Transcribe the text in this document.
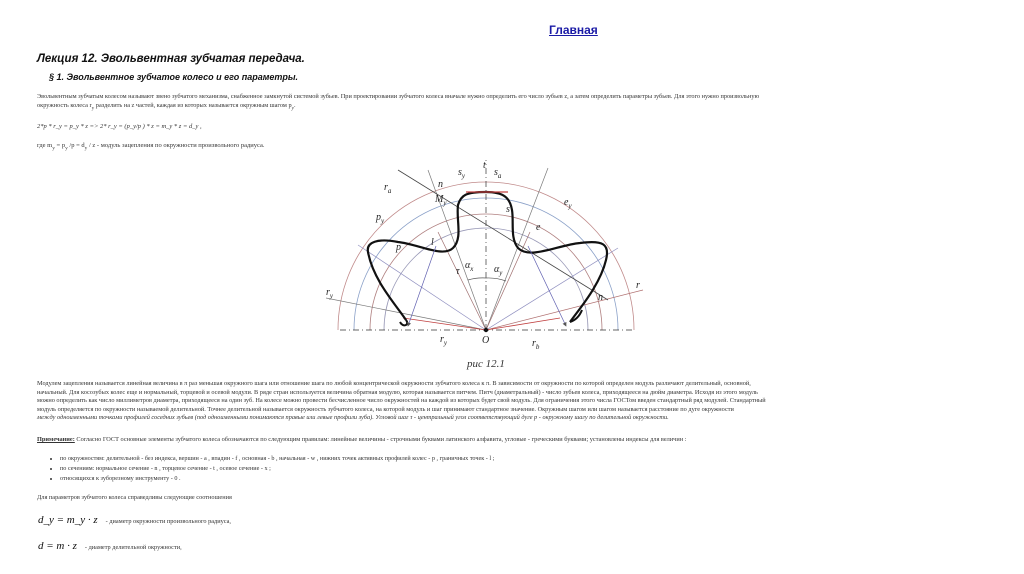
Главная
Лекция 12. Эвольвентная зубчатая передача.
§ 1. Эвольвентное зубчатое колесо и его параметры.
Эвольвентным зубчатым колесом называют звено зубчатого механизма, снабженное замкнутой системой зубьев. При проектировании зубчатого колеса вначале нужно определить его число зубьев z, а затем определить параметры зубьев. Для этого нужно произвольную
окружность колеса $r_y$ разделить на z частей, каждая из которых называется окружным шагом $p_y$.
2*p * r_y = p_y * z => 2* r_y = (p_y/p ) * z = m_y * z = d_y ,
где $m_y = p_y$ $/p = d_y / z$ - модуль зацепления по окружности произвольного радиуса.
$r_a$
n
$s_y$
t
$s_a$
$M_y$
s
$e_y$
e
$p_y$
p	l
$\alpha_x$ $\alpha_y$
τ
$r_y$
r
n
O
$r_y$	$r_b$
рис 12.1
Модулем зацепления называется линейная величина в π раз меньшая окружного шага или отношение шага по любой концентрической окружности зубчатого колеса к π. В зависимости от окружности по которой определен модуль различают делительный, основной,
начальный. Для косозубых колес еще и нормальный, торцевой и осевой модули. В ряде стран используется величина обратная модулю, которая называется питчем. Питч (диаметральный) - число зубьев колеса, приходящееся на дюйм диаметра. Исходя из этого модуль
можно определить как число миллиметров диаметра, приходящееся на один зуб. На колесе можно провести бесчисленное число окружностей на каждой из которых будет свой модуль. Для ограничения этого числа ГОСТом введен стандартный ряд модулей. Стандартный
модуль определяется по окружности называемой делительной. Точнее делительной называется окружность зубчатого колеса, на которой модуль и шаг принимают стандартное значение. Окружным шагом или шагом называется расстояние по дуге окружности
между одноименными точками профилей соседних зубьев (под одноименными понимаются правые или левые профили зуба). Угловой шаг τ - центральный угол соответствующий дуге p - окружному шагу по делительной окружности.
Примечание: Согласно ГОСТ основные элементы зубчатого колеса обозначаются по следующим правилам: линейные величины - строчными буквами латинского алфавита, угловые - греческими буквами; установлены индексы для величин :
• по окружностям: делительной - без индекса, вершин - a , впадин - f , основная - b , начальная - w , нижних точек активных профилей колес - p , граничных точек - l ;
• по сечениям: нормальное сечение - n , торцевое сечение - t , осевое сечение - x ;
• относящихся к зуборезному инструменту - 0 .
Для параметров зубчатого колеса справедливы следующие соотношения
d_y = m_y · z - диаметр окружности произвольного радиуса,
d = m · z - диаметр делительной окружности,
